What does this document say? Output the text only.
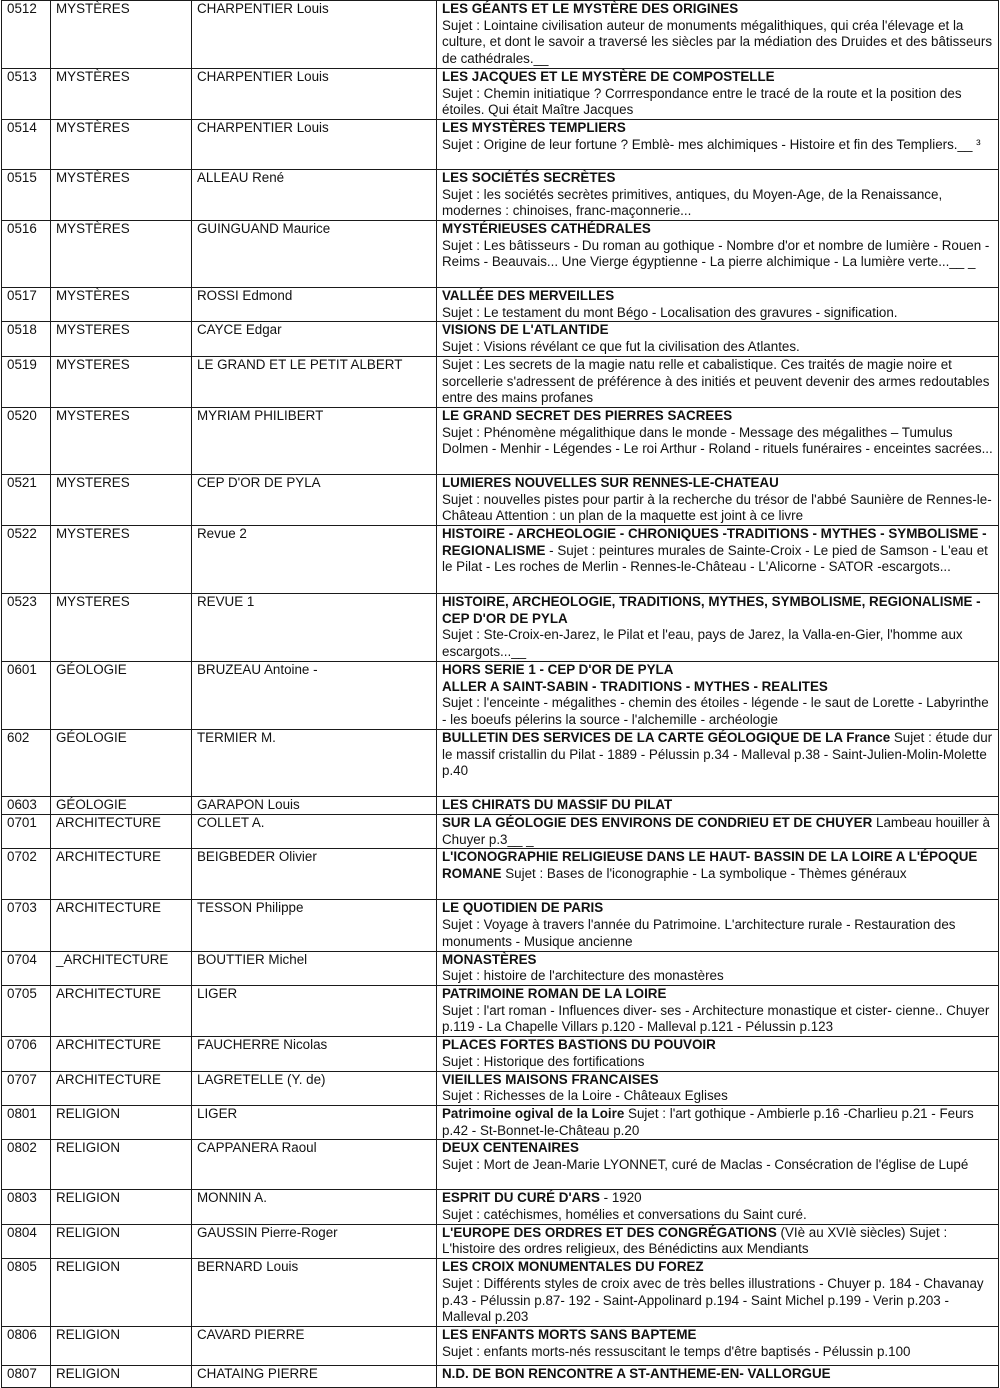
0512	MYSTÈRES	CHARPENTIER Louis	LES GÉANTS ET LE MYSTÈRE DES ORIGINES
Sujet : Lointaine civilisation auteur de monuments mégalithiques, qui créa l'élevage et la culture, et dont le savoir a traversé les siècles par la médiation des Druides et des bâtisseurs de cathédrales.__
0513	MYSTÈRES	CHARPENTIER Louis	LES JACQUES ET LE MYSTÈRE DE COMPOSTELLE
Sujet : Chemin initiatique ? Corrrespondance entre le tracé de la route et la position des étoiles. Qui était Maître Jacques
0514	MYSTÈRES	CHARPENTIER Louis	LES MYSTÈRES TEMPLIERS
Sujet : Origine de leur fortune ? Emblè- mes alchimiques - Histoire et fin des Templiers.__ ³
0515	MYSTÈRES	ALLEAU René	LES SOCIÉTÉS SECRÈTES
Sujet : les sociétés secrètes primitives, antiques, du Moyen-Age, de la Renaissance, modernes : chinoises, franc-maçonnerie...
0516	MYSTÈRES	GUINGUAND Maurice	MYSTÉRIEUSES CATHÉDRALES
Sujet : Les bâtisseurs - Du roman au gothique - Nombre d'or et nombre de lumière - Rouen - Reims - Beauvais... Une Vierge égyptienne - La pierre alchimique - La lumière verte...__ _
0517	MYSTÈRES	ROSSI Edmond	VALLÉE DES MERVEILLES
Sujet : Le testament du mont Bégo - Localisation des gravures - signification.
0518	MYSTERES	CAYCE Edgar	VISIONS DE L'ATLANTIDE
Sujet : Visions révélant ce que fut la civilisation des Atlantes.
0519	MYSTERES	LE GRAND ET LE PETIT ALBERT	Sujet : Les secrets de la magie natu relle et cabalistique. Ces traités de magie noire et sorcellerie s'adressent de préférence à des initiés et peuvent devenir des armes redoutables entre des mains profanes
0520	MYSTERES	MYRIAM PHILIBERT	LE GRAND SECRET DES PIERRES SACREES
Sujet : Phénomène mégalithique dans le monde - Message des mégalithes – Tumulus Dolmen - Menhir - Légendes - Le roi Arthur - Roland - rituels funéraires - enceintes sacrées...
0521	MYSTERES	CEP D'OR DE PYLA	LUMIERES NOUVELLES SUR RENNES-LE-CHATEAU
Sujet : nouvelles pistes pour partir à la recherche du trésor de l'abbé Saunière de Rennes-le-Château Attention : un plan de la maquette est joint à ce livre
0522	MYSTERES	Revue 2	HISTOIRE - ARCHEOLOGIE - CHRONIQUES -TRADITIONS - MYTHES - SYMBOLISME -REGIONALISME - Sujet : peintures murales de Sainte-Croix - Le pied de Samson - L'eau et le Pilat - Les roches de Merlin - Rennes-le-Château - L'Alicorne - SATOR -escargots...
0523	MYSTERES	REVUE 1	HISTOIRE, ARCHEOLOGIE, TRADITIONS, MYTHES, SYMBOLISME, REGIONALISME - CEP D'OR DE PYLA
Sujet : Ste-Croix-en-Jarez, le Pilat et l'eau, pays de Jarez, la Valla-en-Gier, l'homme aux escargots...__
0601	GÉOLOGIE	BRUZEAU Antoine -	HORS SERIE 1 - CEP D'OR DE PYLA
ALLER A SAINT-SABIN - TRADITIONS - MYTHES - REALITES
Sujet : l'enceinte - mégalithes - chemin des étoiles - légende - le saut de Lorette - Labyrinthe - les boeufs pélerins la source - l'alchemille - archéologie
602	GÉOLOGIE	TERMIER M.	BULLETIN DES SERVICES DE LA CARTE GÉOLOGIQUE DE LA France Sujet : étude dur le massif cristallin du Pilat - 1889 - Pélussin p.34 - Malleval p.38 - Saint-Julien-Molin-Molette p.40
0603	GÉOLOGIE	GARAPON Louis	LES CHIRATS DU MASSIF DU PILAT

0701	ARCHITECTURE	COLLET A.	SUR LA GÉOLOGIE DES ENVIRONS DE CONDRIEU ET DE CHUYER Lambeau houiller à Chuyer p.3__ _
0702	ARCHITECTURE	BEIGBEDER Olivier	L'ICONOGRAPHIE RELIGIEUSE DANS LE HAUT- BASSIN DE LA LOIRE A L'ÉPOQUE ROMANE Sujet : Bases de l'iconographie - La symbolique - Thèmes généraux
0703	ARCHITECTURE	TESSON Philippe	LE QUOTIDIEN DE PARIS
Sujet : Voyage à travers l'année du Patrimoine. L'architecture rurale - Restauration des monuments - Musique ancienne
0704	_ARCHITECTURE	BOUTTIER Michel	MONASTÈRES
Sujet : histoire de l'architecture des monastères
0705	ARCHITECTURE	LIGER	PATRIMOINE ROMAN DE LA LOIRE
Sujet : l'art roman - Influences diver- ses - Architecture monastique et cister- cienne.. Chuyer p.119 - La Chapelle Villars p.120 - Malleval p.121 - Pélussin p.123
0706	ARCHITECTURE	FAUCHERRE Nicolas	PLACES FORTES BASTIONS DU POUVOIR
Sujet : Historique des fortifications
0707	ARCHITECTURE	LAGRETELLE (Y. de)	VIEILLES MAISONS FRANCAISES
Sujet : Richesses de la Loire - Châteaux Eglises
0801	RELIGION	LIGER	Patrimoine ogival de la Loire Sujet : l'art gothique - Ambierle p.16 -Charlieu p.21 - Feurs p.42 - St-Bonnet-le-Château p.20
0802	RELIGION	CAPPANERA Raoul	DEUX CENTENAIRES
Sujet : Mort de Jean-Marie LYONNET, curé de Maclas - Consécration de l'église de Lupé
0803	RELIGION	MONNIN A.	ESPRIT DU CURÉ D'ARS - 1920
Sujet : catéchismes, homélies et conversations du Saint curé.
0804	RELIGION	GAUSSIN Pierre-Roger	L'EUROPE DES ORDRES ET DES CONGRÉGATIONS (VIè au XVIè siècles) Sujet : L'histoire des ordres religieux, des Bénédictins aux Mendiants
0805	RELIGION	BERNARD Louis	LES CROIX MONUMENTALES DU FOREZ
Sujet : Différents styles de croix avec de très belles illustrations - Chuyer p. 184 - Chavanay p.43 - Pélussin p.87- 192 - Saint-Appolinard p.194 - Saint Michel p.199 - Verin p.203 - Malleval p.203
0806	RELIGION	CAVARD PIERRE	LES ENFANTS MORTS SANS BAPTEME
Sujet : enfants morts-nés ressuscitant le temps d'être baptisés - Pélussin p.100
0807	RELIGION	CHATAING PIERRE	N.D. DE BON RENCONTRE A ST-ANTHEME-EN- VALLORGUE
